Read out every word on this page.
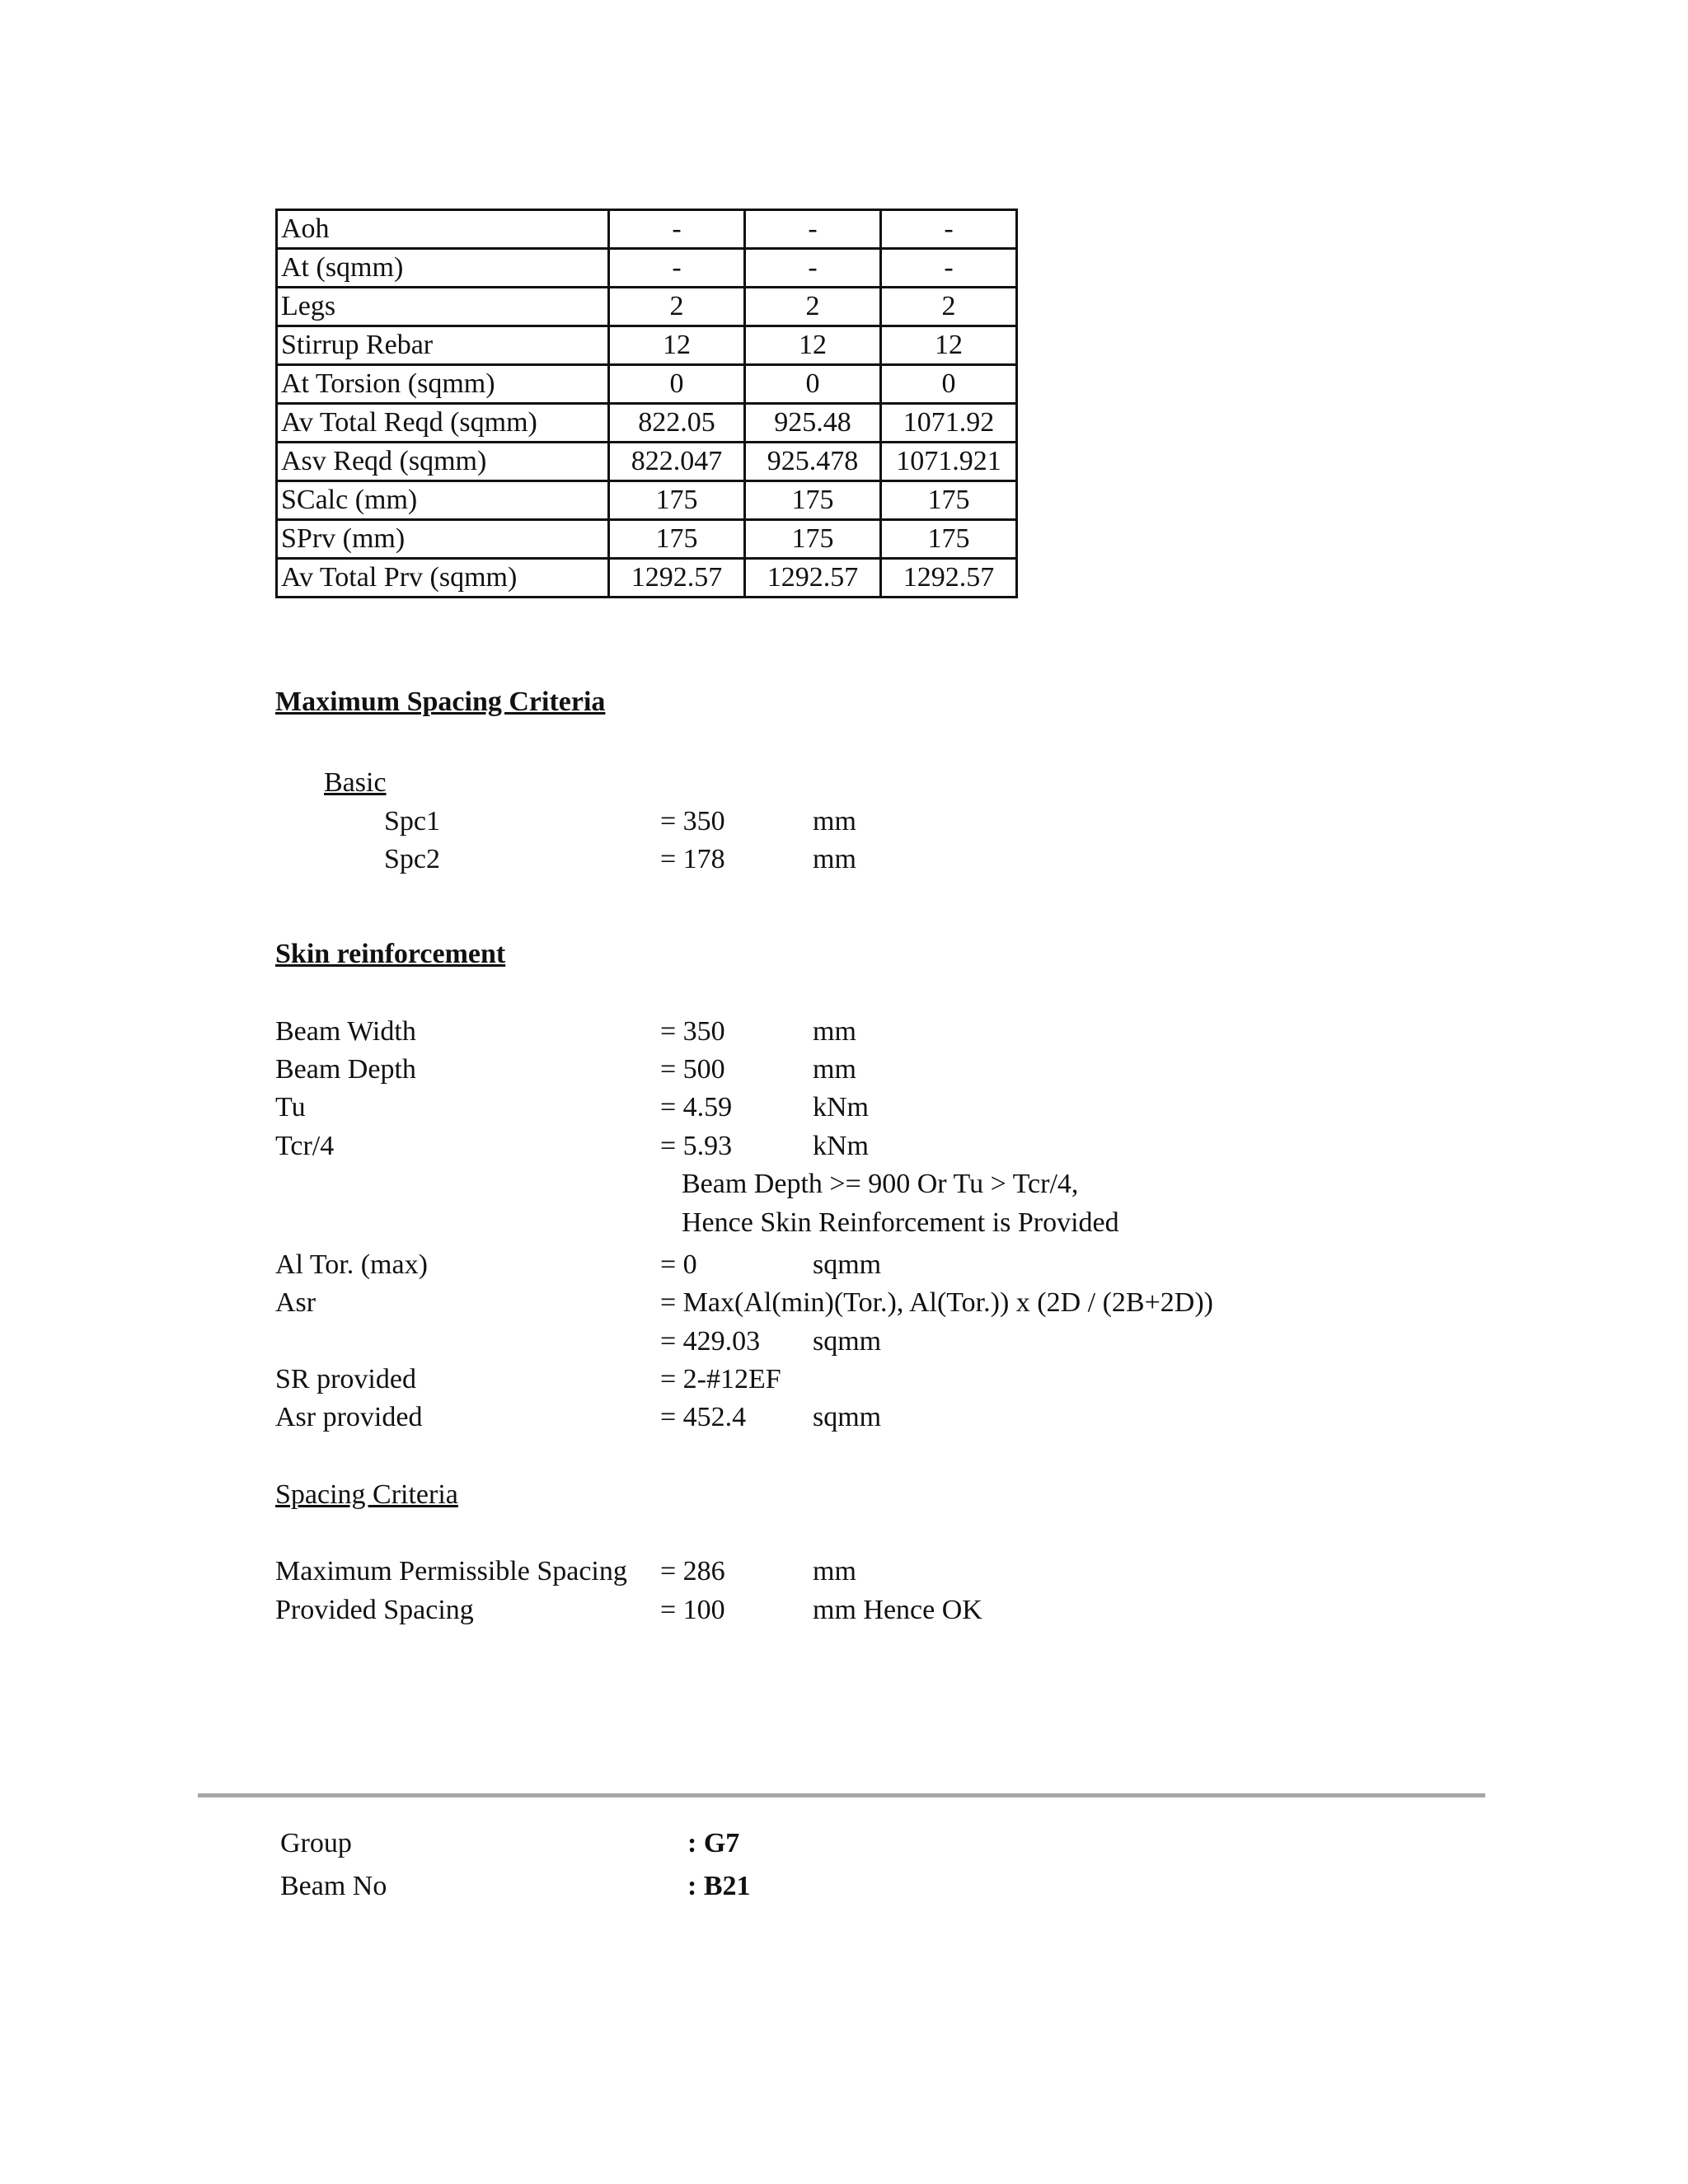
Aoh	-	-	-
At (sqmm)	-	-	-
Legs	2	2	2
Stirrup Rebar	12	12	12
At Torsion (sqmm)	0	0	0
Av Total Reqd (sqmm)	822.05	925.48	1071.92
Asv Reqd (sqmm)	822.047	925.478	1071.921
SCalc (mm)	175	175	175
SPrv (mm)	175	175	175
Av Total Prv (sqmm)	1292.57	1292.57	1292.57
Maximum Spacing Criteria
Basic
Spc1	= 350	mm
Spc2	= 178	mm
Skin reinforcement
Beam Width	= 350	mm
Beam Depth	= 500	mm
Tu	= 4.59	kNm
Tcr/4	= 5.93	kNm
Beam Depth >= 900 Or Tu > Tcr/4,
Hence Skin Reinforcement is Provided
Al Tor. (max)	= 0	sqmm
Asr	= Max(Al(min)(Tor.), Al(Tor.)) x (2D / (2B+2D))
= 429.03 sqmm
SR provided	= 2-#12EF
Asr provided	= 452.4 sqmm
Spacing Criteria
Maximum Permissible Spacing = 286	mm
Provided Spacing	= 100	mm Hence OK
Group	: G7
Beam No	: B21
